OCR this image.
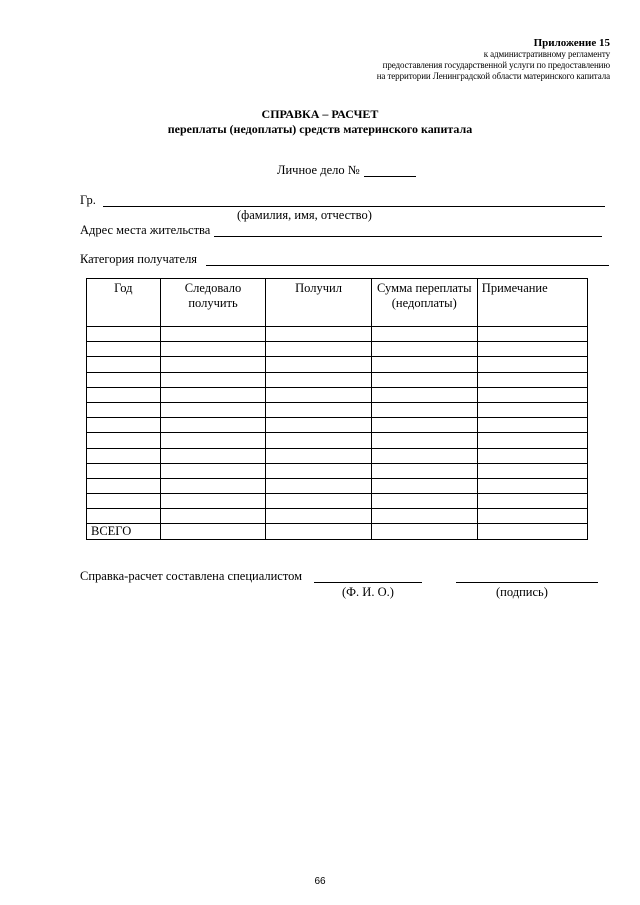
Приложение 15
к административному регламенту
предоставления государственной услуги по предоставлению
на территории Ленинградской области материнского капитала
СПРАВКА – РАСЧЕТ
переплаты (недоплаты) средств материнского капитала
Личное дело №
Гр.
(фамилия, имя, отчество)
Адрес места жительства
Категория получателя
Год	Следовало получить	Получил	Сумма переплаты (недоплаты)	Примечание

ВСЕГО				
Справка-расчет составлена специалистом
(Ф. И. О.)	(подпись)
66
